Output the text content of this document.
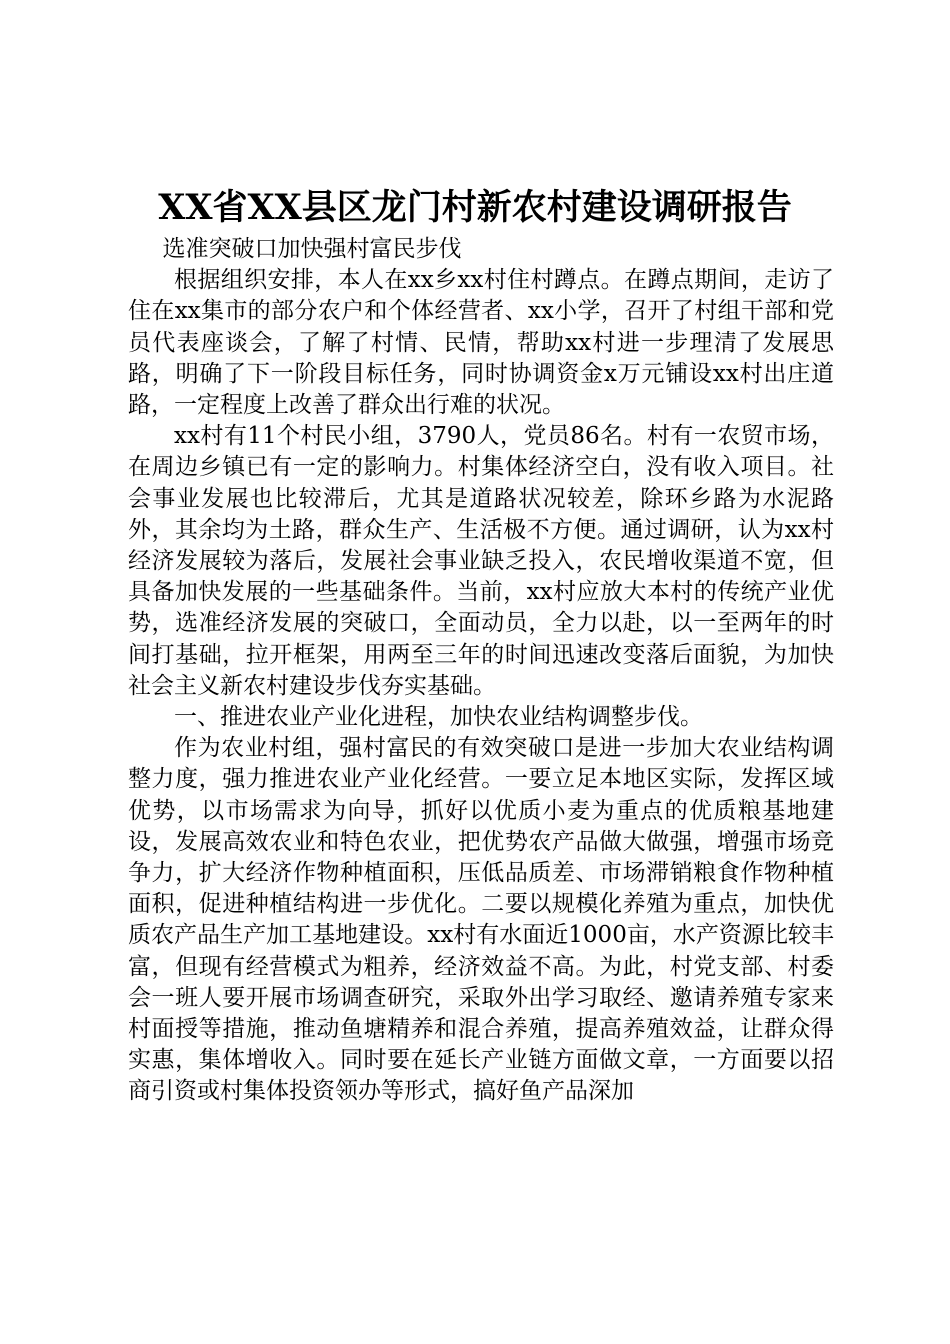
XX省XX县区龙门村新农村建设调研报告

选准突破口加快强村富民步伐

根据组织安排，本人在xx乡xx村住村蹲点。在蹲点期间，走访了住在xx集市的部分农户和个体经营者、xx小学，召开了村组干部和党员代表座谈会，了解了村情、民情，帮助xx村进一步理清了发展思路，明确了下一阶段目标任务，同时协调资金x万元铺设xx村出庄道路，一定程度上改善了群众出行难的状况。

xx村有11个村民小组，3790人，党员86名。村有一农贸市场，在周边乡镇已有一定的影响力。村集体经济空白，没有收入项目。社会事业发展也比较滞后，尤其是道路状况较差，除环乡路为水泥路外，其余均为土路，群众生产、生活极不方便。通过调研，认为xx村经济发展较为落后，发展社会事业缺乏投入，农民增收渠道不宽，但具备加快发展的一些基础条件。当前，xx村应放大本村的传统产业优势，选准经济发展的突破口，全面动员，全力以赴，以一至两年的时间打基础，拉开框架，用两至三年的时间迅速改变落后面貌，为加快社会主义新农村建设步伐夯实基础。

一、推进农业产业化进程，加快农业结构调整步伐。

作为农业村组，强村富民的有效突破口是进一步加大农业结构调整力度，强力推进农业产业化经营。一要立足本地区实际，发挥区域优势，以市场需求为向导，抓好以优质小麦为重点的优质粮基地建设，发展高效农业和特色农业，把优势农产品做大做强，增强市场竞争力，扩大经济作物种植面积，压低品质差、市场滞销粮食作物种植面积，促进种植结构进一步优化。二要以规模化养殖为重点，加快优质农产品生产加工基地建设。xx村有水面近1000亩，水产资源比较丰富，但现有经营模式为粗养，经济效益不高。为此，村党支部、村委会一班人要开展市场调查研究，采取外出学习取经、邀请养殖专家来村面授等措施，推动鱼塘精养和混合养殖，提高养殖效益，让群众得实惠，集体增收入。同时要在延长产业链方面做文章，一方面要以招商引资或村集体投资领办等形式，搞好鱼产品深加
